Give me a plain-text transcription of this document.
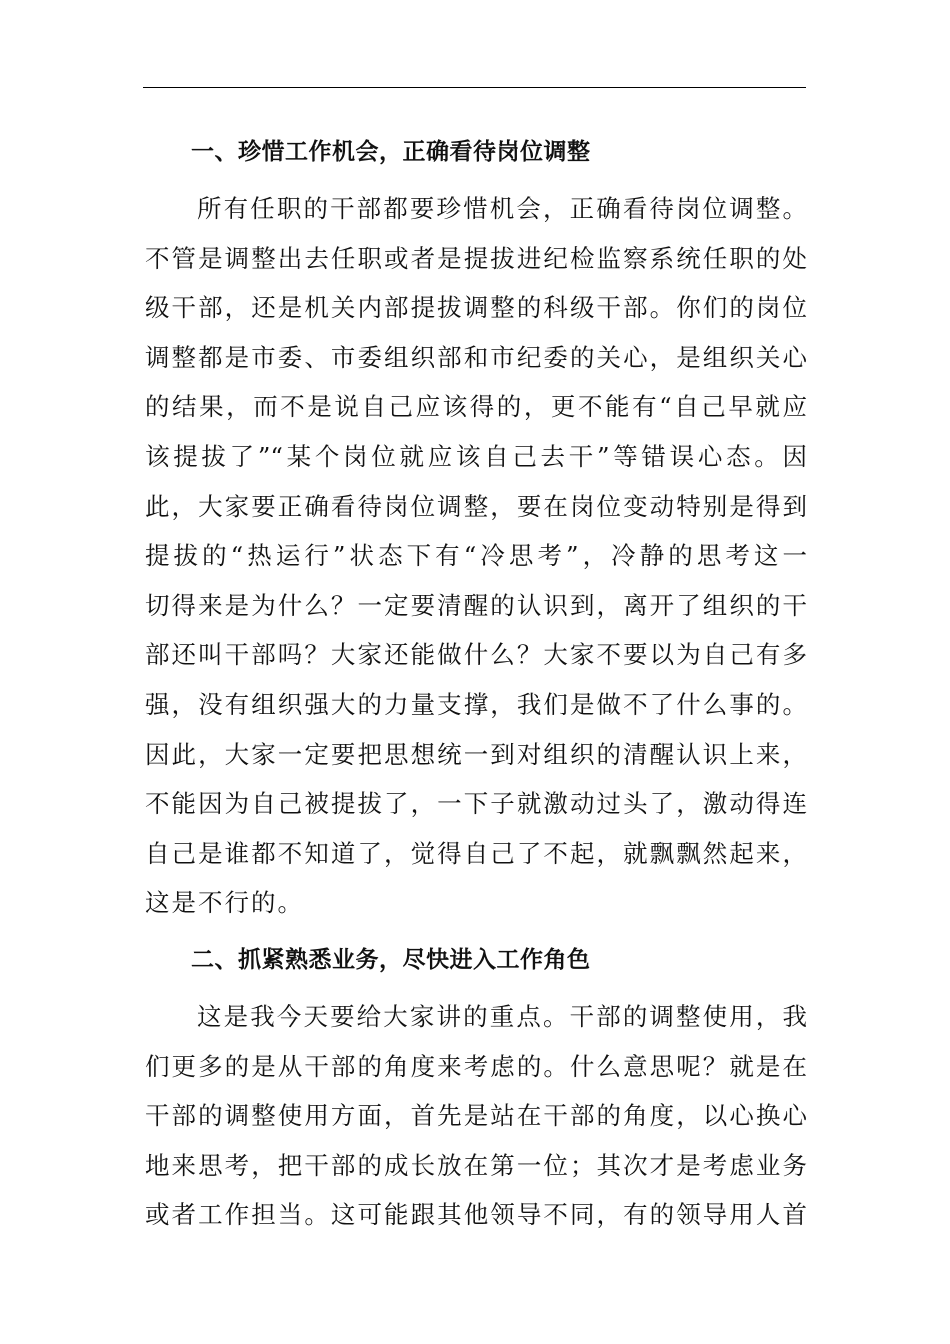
一、珍惜工作机会，正确看待岗位调整
所有任职的干部都要珍惜机会，正确看待岗位调整。
不管是调整出去任职或者是提拔进纪检监察系统任职的处
级干部，还是机关内部提拔调整的科级干部。你们的岗位
调整都是市委、市委组织部和市纪委的关心，是组织关心
的结果，而不是说自己应该得的，更不能有“自己早就应
该提拔了”“某个岗位就应该自己去干”等错误心态。因
此，大家要正确看待岗位调整，要在岗位变动特别是得到
提拔的“热运行”状态下有“冷思考”，冷静的思考这一
切得来是为什么？一定要清醒的认识到，离开了组织的干
部还叫干部吗？大家还能做什么？大家不要以为自己有多
强，没有组织强大的力量支撑，我们是做不了什么事的。
因此，大家一定要把思想统一到对组织的清醒认识上来，
不能因为自己被提拔了，一下子就激动过头了，激动得连
自己是谁都不知道了，觉得自己了不起，就飘飘然起来，
这是不行的。
二、抓紧熟悉业务，尽快进入工作角色
这是我今天要给大家讲的重点。干部的调整使用，我
们更多的是从干部的角度来考虑的。什么意思呢？就是在
干部的调整使用方面，首先是站在干部的角度，以心换心
地来思考，把干部的成长放在第一位；其次才是考虑业务
或者工作担当。这可能跟其他领导不同，有的领导用人首
